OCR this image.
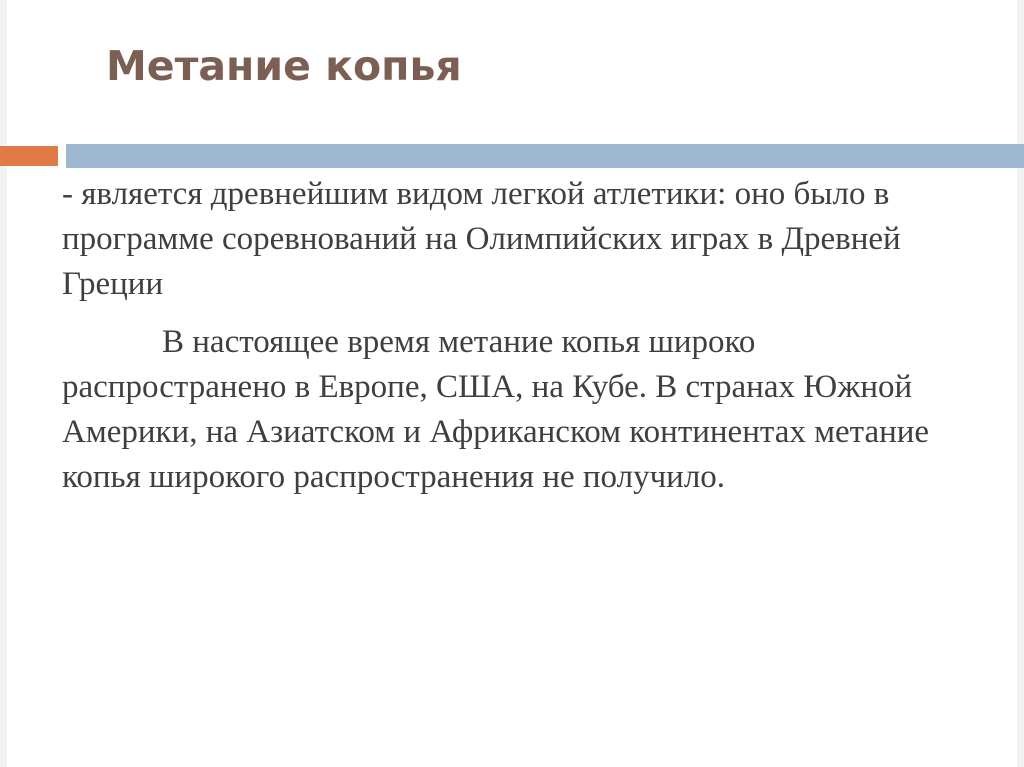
Метание копья

- является древнейшим видом легкой атлетики: оно было в программе соревнований на Олимпийских играх в Древней Греции

В настоящее время метание копья широко распространено в Европе, США, на Кубе. В странах Южной Америки, на Азиатском и Африканском континентах метание копья широкого распространения не получило.
